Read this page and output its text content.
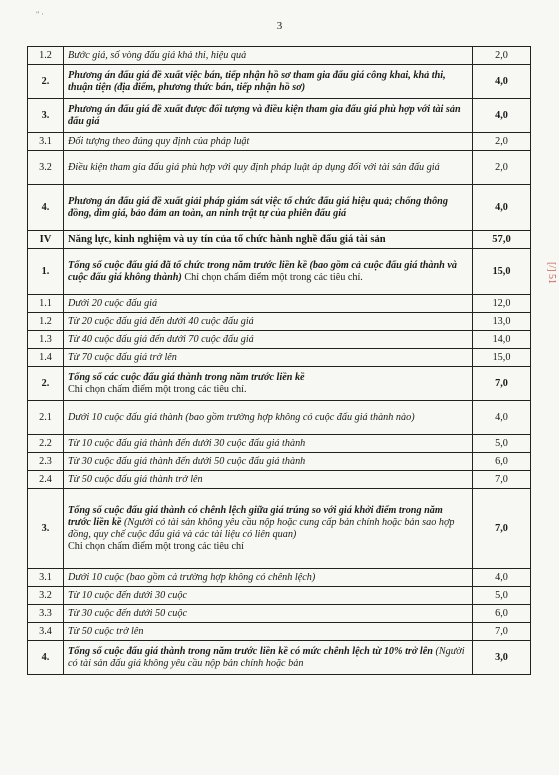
" ·
3
1.2	Bước giá, số vòng đấu giá khả thi, hiệu quả	2,0
2.	Phương án đấu giá đề xuất việc bán, tiếp nhận hồ sơ tham gia đấu giá công khai, khả thi, thuận tiện (địa điểm, phương thức bán, tiếp nhận hồ sơ)	4,0
3.	Phương án đấu giá đề xuất được đối tượng và điều kiện tham gia đấu giá phù hợp với tài sản đấu giá	4,0
3.1	Đối tượng theo đúng quy định của pháp luật	2,0
3.2	Điều kiện tham gia đấu giá phù hợp với quy định pháp luật áp dụng đối với tài sản đấu giá	2,0
4.	Phương án đấu giá đề xuất giải pháp giám sát việc tổ chức đấu giá hiệu quả; chống thông đồng, dìm giá, bảo đảm an toàn, an ninh trật tự của phiên đấu giá	4,0
IV	Năng lực, kinh nghiệm và uy tín của tổ chức hành nghề đấu giá tài sản	57,0
1.	Tổng số cuộc đấu giá đã tổ chức trong năm trước liền kề (bao gồm cả cuộc đấu giá thành và cuộc đấu giá không thành) Chỉ chọn chấm điểm một trong các tiêu chí.	15,0
1.1	Dưới 20 cuộc đấu giá	12,0
1.2	Từ 20 cuộc đấu giá đến dưới 40 cuộc đấu giá	13,0
1.3	Từ 40 cuộc đấu giá đến dưới 70 cuộc đấu giá	14,0
1.4	Từ 70 cuộc đấu giá trở lên	15,0
2.	Tổng số các cuộc đấu giá thành trong năm trước liền kề
Chỉ chọn chấm điểm một trong các tiêu chí.	7,0
2.1	Dưới 10 cuộc đấu giá thành (bao gồm trường hợp không có cuộc đấu giá thành nào)	4,0
2.2	Từ 10 cuộc đấu giá thành đến dưới 30 cuộc đấu giá thành	5,0
2.3	Từ 30 cuộc đấu giá thành đến dưới 50 cuộc đấu giá thành	6,0
2.4	Từ 50 cuộc đấu giá thành trở lên	7,0
3.	Tổng số cuộc đấu giá thành có chênh lệch giữa giá trúng so với giá khởi điểm trong năm trước liền kề (Người có tài sản không yêu cầu nộp hoặc cung cấp bản chính hoặc bản sao hợp đồng, quy chế cuộc đấu giá và các tài liệu có liên quan)
Chỉ chọn chấm điểm một trong các tiêu chí	7,0
3.1	Dưới 10 cuộc (bao gồm cả trường hợp không có chênh lệch)	4,0
3.2	Từ 10 cuộc đến dưới 30 cuộc	5,0
3.3	Từ 30 cuộc đến dưới 50 cuộc	6,0
3.4	Từ 50 cuộc trở lên	7,0
4.	Tổng số cuộc đấu giá thành trong năm trước liền kề có mức chênh lệch từ 10% trở lên (Người có tài sản đấu giá không yêu cầu nộp bản chính hoặc bản	3,0
[/] 51
